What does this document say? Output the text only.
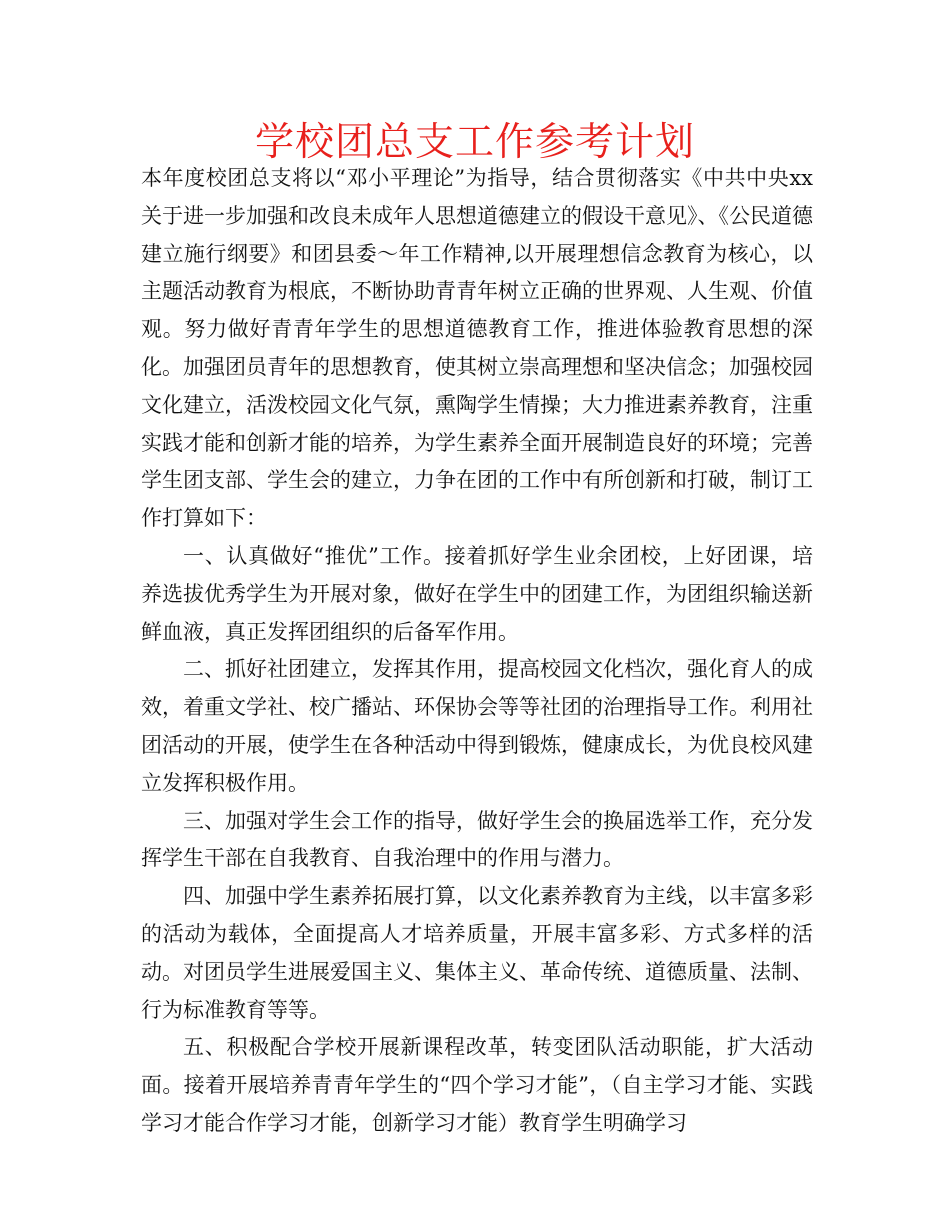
学校团总支工作参考计划

本年度校团总支将以“邓小平理论”为指导，结合贯彻落实《中共中央xx关于进一步加强和改良未成年人思想道德建立的假设干意见》、《公民道德建立施行纲要》和团县委～年工作精神,以开展理想信念教育为核心，以主题活动教育为根底，不断协助青青年树立正确的世界观、人生观、价值观。努力做好青青年学生的思想道德教育工作，推进体验教育思想的深化。加强团员青年的思想教育，使其树立崇高理想和坚决信念；加强校园文化建立，活泼校园文化气氛，熏陶学生情操；大力推进素养教育，注重实践才能和创新才能的培养，为学生素养全面开展制造良好的环境；完善学生团支部、学生会的建立，力争在团的工作中有所创新和打破，制订工作打算如下：

一、认真做好“推优”工作。接着抓好学生业余团校，上好团课，培养选拔优秀学生为开展对象，做好在学生中的团建工作，为团组织输送新鲜血液，真正发挥团组织的后备军作用。

二、抓好社团建立，发挥其作用，提高校园文化档次，强化育人的成效，着重文学社、校广播站、环保协会等等社团的治理指导工作。利用社团活动的开展，使学生在各种活动中得到锻炼，健康成长，为优良校风建立发挥积极作用。

三、加强对学生会工作的指导，做好学生会的换届选举工作，充分发挥学生干部在自我教育、自我治理中的作用与潜力。

四、加强中学生素养拓展打算，以文化素养教育为主线，以丰富多彩的活动为载体，全面提高人才培养质量，开展丰富多彩、方式多样的活动。对团员学生进展爱国主义、集体主义、革命传统、道德质量、法制、行为标准教育等等。

五、积极配合学校开展新课程改革，转变团队活动职能，扩大活动面。接着开展培养青青年学生的“四个学习才能”，（自主学习才能、实践学习才能合作学习才能，创新学习才能）教育学生明确学习
